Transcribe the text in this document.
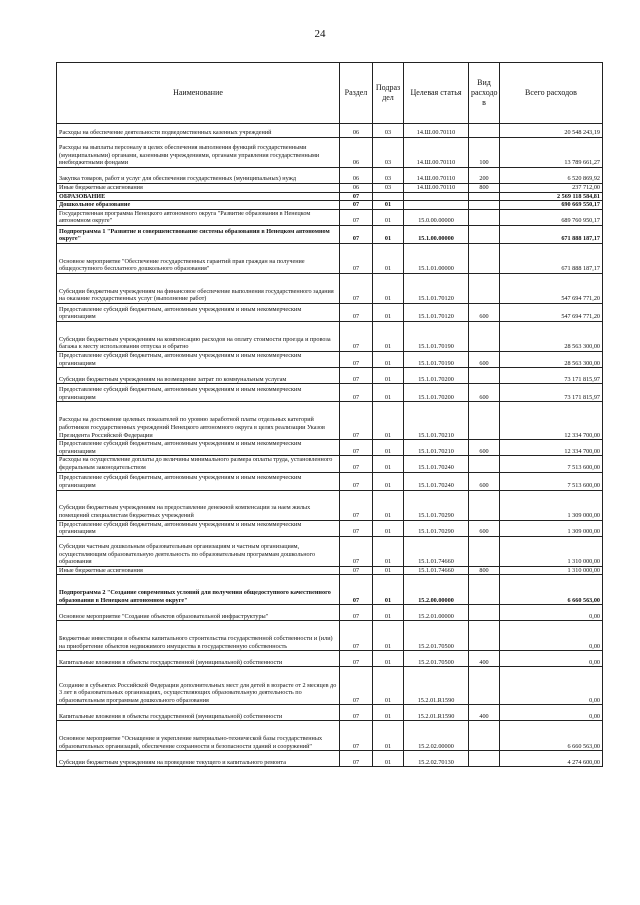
24
Наименование	Раздел	Подраз дел	Целевая статья	Вид расходо в	Всего расходов
Расходы на обеспечение деятельности подведомственных казенных учреждений	06	03	14.Ш.00.70110		20 548 243,19
Расходы на выплаты персоналу в целях обеспечения выполнения функций государственными (муниципальными) органами, казенными учреждениями, органами управления государственными внебюджетными фондами	06	03	14.Ш.00.70110	100	13 789 661,27
Закупка товаров, работ и услуг для обеспечения государственных (муниципальных) нужд	06	03	14.Ш.00.70110	200	6 520 869,92
Иные бюджетные ассигнования	06	03	14.Ш.00.70110	800	237 712,00
ОБРАЗОВАНИЕ	07				2 569 118 584,81
Дошкольное образование	07	01			690 669 550,17
Государственная программа Ненецкого автономного округа "Развитие образования в Ненецком автономном округе"	07	01	15.0.00.00000		689 760 950,17
Подпрограмма 1 "Развитие и совершенствование системы образования в Ненецком автономном округе"	07	01	15.1.00.00000		671 888 187,17
Основное мероприятие "Обеспечение государственных гарантий прав граждан на получение общедоступного бесплатного дошкольного образования"	07	01	15.1.01.00000		671 888 187,17
Субсидии бюджетным учреждениям на финансовое обеспечение выполнения государственного задания на оказание государственных услуг (выполнение работ)	07	01	15.1.01.70120		547 694 771,20
Предоставление субсидий бюджетным, автономным учреждениям и иным некоммерческим организациям	07	01	15.1.01.70120	600	547 694 771,20
Субсидии бюджетным учреждениям на компенсацию расходов на оплату стоимости проезда и провоза багажа к месту использования отпуска и обратно	07	01	15.1.01.70190		28 563 300,00
Предоставление субсидий бюджетным, автономным учреждениям и иным некоммерческим организациям	07	01	15.1.01.70190	600	28 563 300,00
Субсидии бюджетным учреждениям на возмещение затрат по коммунальным услугам	07	01	15.1.01.70200		73 171 815,97
Предоставление субсидий бюджетным, автономным учреждениям и иным некоммерческим организациям	07	01	15.1.01.70200	600	73 171 815,97
Расходы на достижение целевых показателей по уровню заработной платы отдельных категорий работников государственных учреждений Ненецкого автономного округа в целях реализации Указов Президента Российской Федерации	07	01	15.1.01.70210		12 334 700,00
Предоставление субсидий бюджетным, автономным учреждениям и иным некоммерческим организациям	07	01	15.1.01.70210	600	12 334 700,00
Расходы на осуществление доплаты до величины минимального размера оплаты труда, установленного федеральным законодательством	07	01	15.1.01.70240		7 513 600,00
Предоставление субсидий бюджетным, автономным учреждениям и иным некоммерческим организациям	07	01	15.1.01.70240	600	7 513 600,00
Субсидии бюджетным учреждениям на предоставление денежной компенсации за наем жилых помещений специалистам бюджетных учреждений	07	01	15.1.01.70290		1 309 000,00
Предоставление субсидий бюджетным, автономным учреждениям и иным некоммерческим организациям	07	01	15.1.01.70290	600	1 309 000,00
Субсидии частным дошкольным образовательным организациям и частным организациям, осуществляющим образовательную деятельность по образовательным программам дошкольного образования	07	01	15.1.01.74660		1 310 000,00
Иные бюджетные ассигнования	07	01	15.1.01.74660	800	1 310 000,00
Подпрограмма 2 "Создание современных условий для получения общедоступного качественного образования в Ненецком автономном округе"	07	01	15.2.00.00000		6 660 563,00
Основное мероприятие "Создание объектов образовательной инфраструктуры"	07	01	15.2.01.00000		0,00
Бюджетные инвестиции в объекты капитального строительства государственной собственности и (или) на приобретение объектов недвижимого имущества в государственную собственность	07	01	15.2.01.70500		0,00
Капитальные вложения в объекты государственной (муниципальной) собственности	07	01	15.2.01.70500	400	0,00
Создание в субъектах Российской Федерации дополнительных мест для детей в возрасте от 2 месяцев до 3 лет в образовательных организациях, осуществляющих образовательную деятельность по образовательным программам дошкольного образования	07	01	15.2.01.R1590		0,00
Капитальные вложения в объекты государственной (муниципальной) собственности	07	01	15.2.01.R1590	400	0,00
Основное мероприятие "Оснащение и укрепление материально-технической базы государственных образовательных организаций, обеспечение сохранности и безопасности зданий и сооружений"	07	01	15.2.02.00000		6 660 563,00
Субсидии бюджетным учреждениям на проведение текущего и капитального ремонта	07	01	15.2.02.70130		4 274 600,00
